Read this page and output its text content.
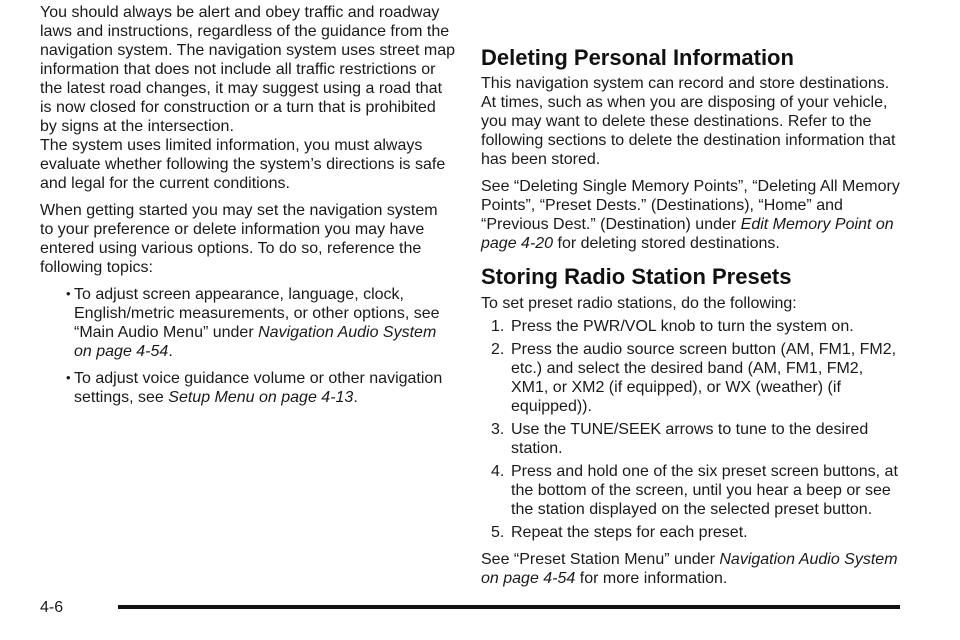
You should always be alert and obey traffic and roadway laws and instructions, regardless of the guidance from the navigation system. The navigation system uses street map information that does not include all traffic restrictions or the latest road changes, it may suggest using a road that is now closed for construction or a turn that is prohibited by signs at the intersection.

The system uses limited information, you must always evaluate whether following the system’s directions is safe and legal for the current conditions.

When getting started you may set the navigation system to your preference or delete information you may have entered using various options. To do so, reference the following topics:

• To adjust screen appearance, language, clock, English/metric measurements, or other options, see “Main Audio Menu” under Navigation Audio System on page 4-54.
• To adjust voice guidance volume or other navigation settings, see Setup Menu on page 4-13.
Deleting Personal Information

This navigation system can record and store destinations. At times, such as when you are disposing of your vehicle, you may want to delete these destinations. Refer to the following sections to delete the destination information that has been stored.

See “Deleting Single Memory Points”, “Deleting All Memory Points”, “Preset Dests.” (Destinations), “Home” and “Previous Dest.” (Destination) under Edit Memory Point on page 4-20 for deleting stored destinations.

Storing Radio Station Presets

To set preset radio stations, do the following:

1. Press the PWR/VOL knob to turn the system on.
2. Press the audio source screen button (AM, FM1, FM2, etc.) and select the desired band (AM, FM1, FM2, XM1, or XM2 (if equipped), or WX (weather) (if equipped)).
3. Use the TUNE/SEEK arrows to tune to the desired station.
4. Press and hold one of the six preset screen buttons, at the bottom of the screen, until you hear a beep or see the station displayed on the selected preset button.
5. Repeat the steps for each preset.

See “Preset Station Menu” under Navigation Audio System on page 4-54 for more information.

4-6
